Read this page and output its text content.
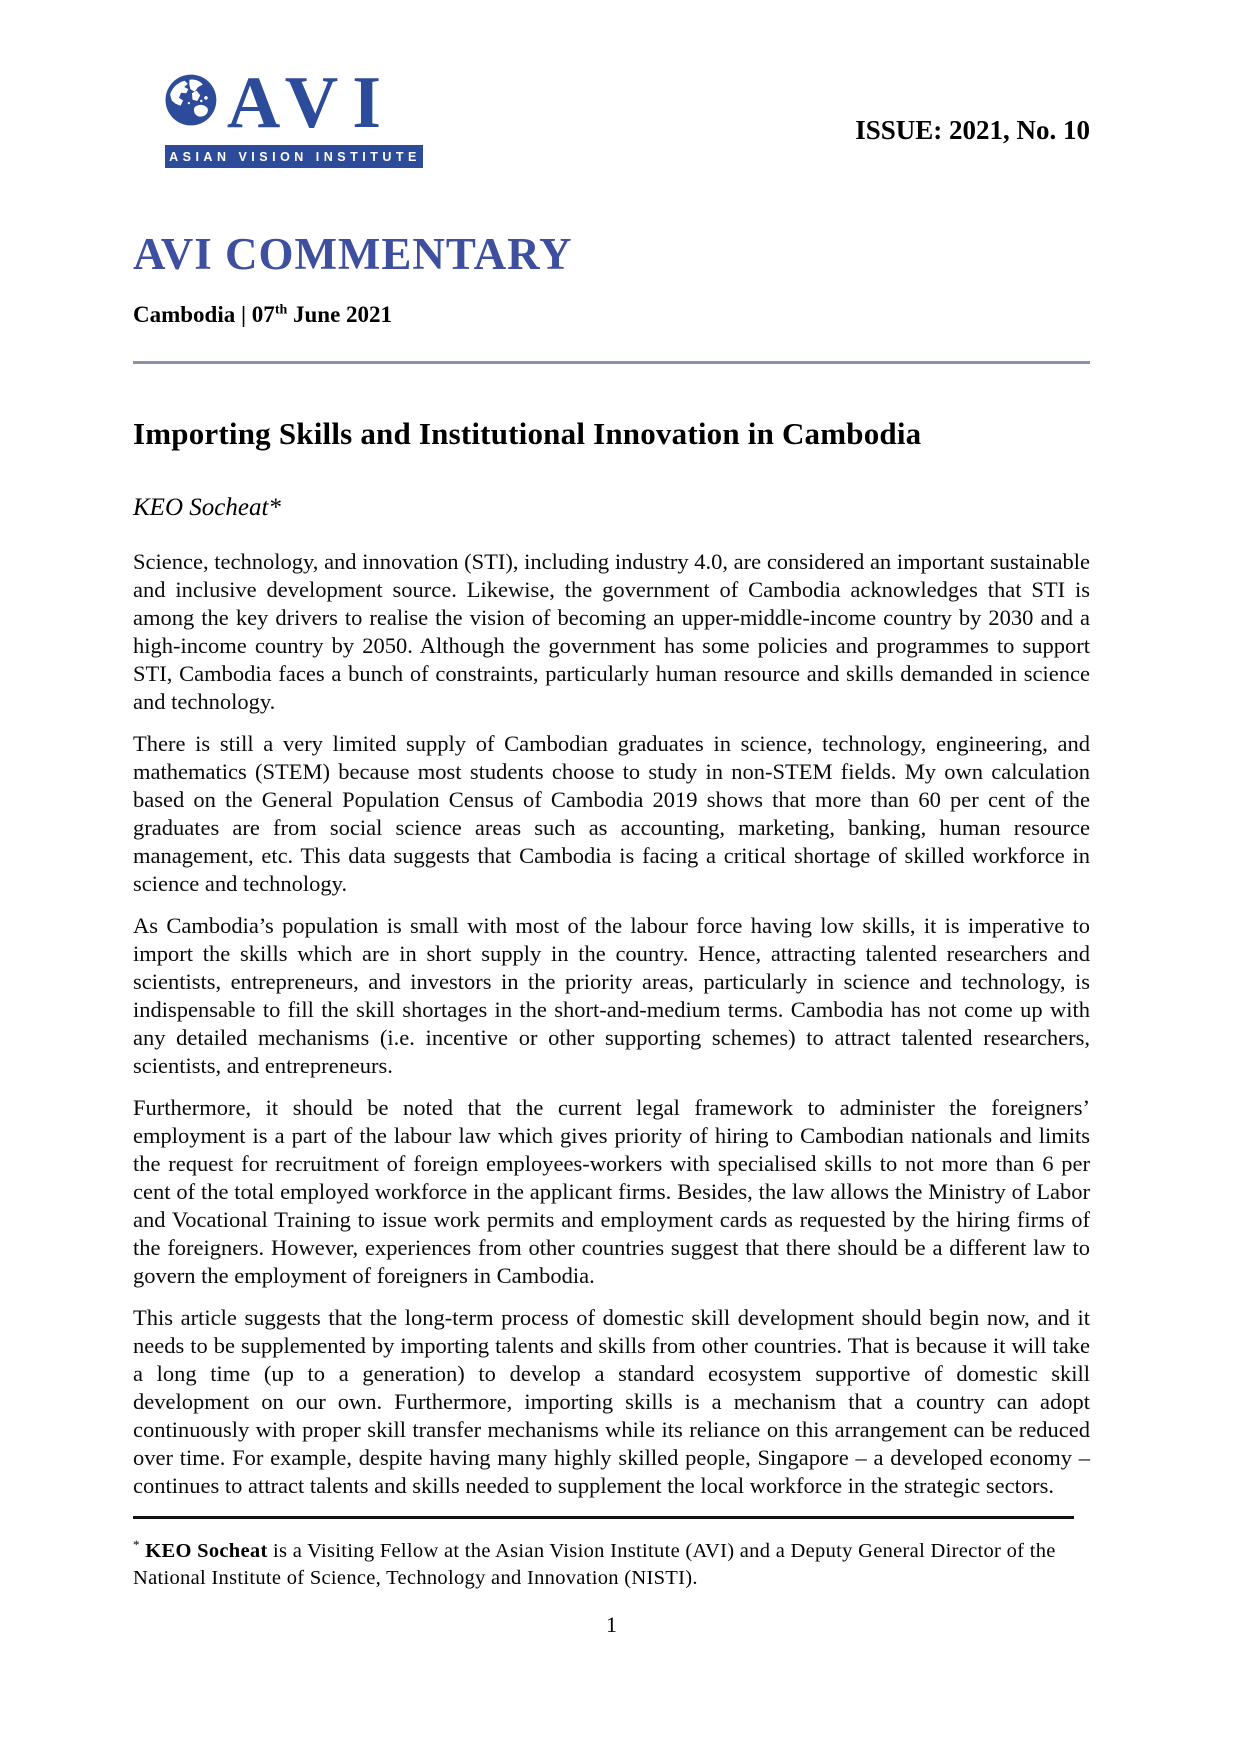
AVI
ASIAN VISION INSTITUTE
ISSUE: 2021, No. 10
AVI COMMENTARY
Cambodia | 07th June 2021
Importing Skills and Institutional Innovation in Cambodia
KEO Socheat*

Science, technology, and innovation (STI), including industry 4.0, are considered an important sustainable and inclusive development source. Likewise, the government of Cambodia acknowledges that STI is among the key drivers to realise the vision of becoming an upper-middle-income country by 2030 and a high-income country by 2050. Although the government has some policies and programmes to support STI, Cambodia faces a bunch of constraints, particularly human resource and skills demanded in science and technology.

There is still a very limited supply of Cambodian graduates in science, technology, engineering, and mathematics (STEM) because most students choose to study in non-STEM fields. My own calculation based on the General Population Census of Cambodia 2019 shows that more than 60 per cent of the graduates are from social science areas such as accounting, marketing, banking, human resource management, etc. This data suggests that Cambodia is facing a critical shortage of skilled workforce in science and technology.

As Cambodia’s population is small with most of the labour force having low skills, it is imperative to import the skills which are in short supply in the country. Hence, attracting talented researchers and scientists, entrepreneurs, and investors in the priority areas, particularly in science and technology, is indispensable to fill the skill shortages in the short-and-medium terms. Cambodia has not come up with any detailed mechanisms (i.e. incentive or other supporting schemes) to attract talented researchers, scientists, and entrepreneurs.

Furthermore, it should be noted that the current legal framework to administer the foreigners’ employment is a part of the labour law which gives priority of hiring to Cambodian nationals and limits the request for recruitment of foreign employees-workers with specialised skills to not more than 6 per cent of the total employed workforce in the applicant firms. Besides, the law allows the Ministry of Labor and Vocational Training to issue work permits and employment cards as requested by the hiring firms of the foreigners. However, experiences from other countries suggest that there should be a different law to govern the employment of foreigners in Cambodia.

This article suggests that the long-term process of domestic skill development should begin now, and it needs to be supplemented by importing talents and skills from other countries. That is because it will take a long time (up to a generation) to develop a standard ecosystem supportive of domestic skill development on our own. Furthermore, importing skills is a mechanism that a country can adopt continuously with proper skill transfer mechanisms while its reliance on this arrangement can be reduced over time. For example, despite having many highly skilled people, Singapore – a developed economy – continues to attract talents and skills needed to supplement the local workforce in the strategic sectors.

* KEO Socheat is a Visiting Fellow at the Asian Vision Institute (AVI) and a Deputy General Director of the National Institute of Science, Technology and Innovation (NISTI).
1
